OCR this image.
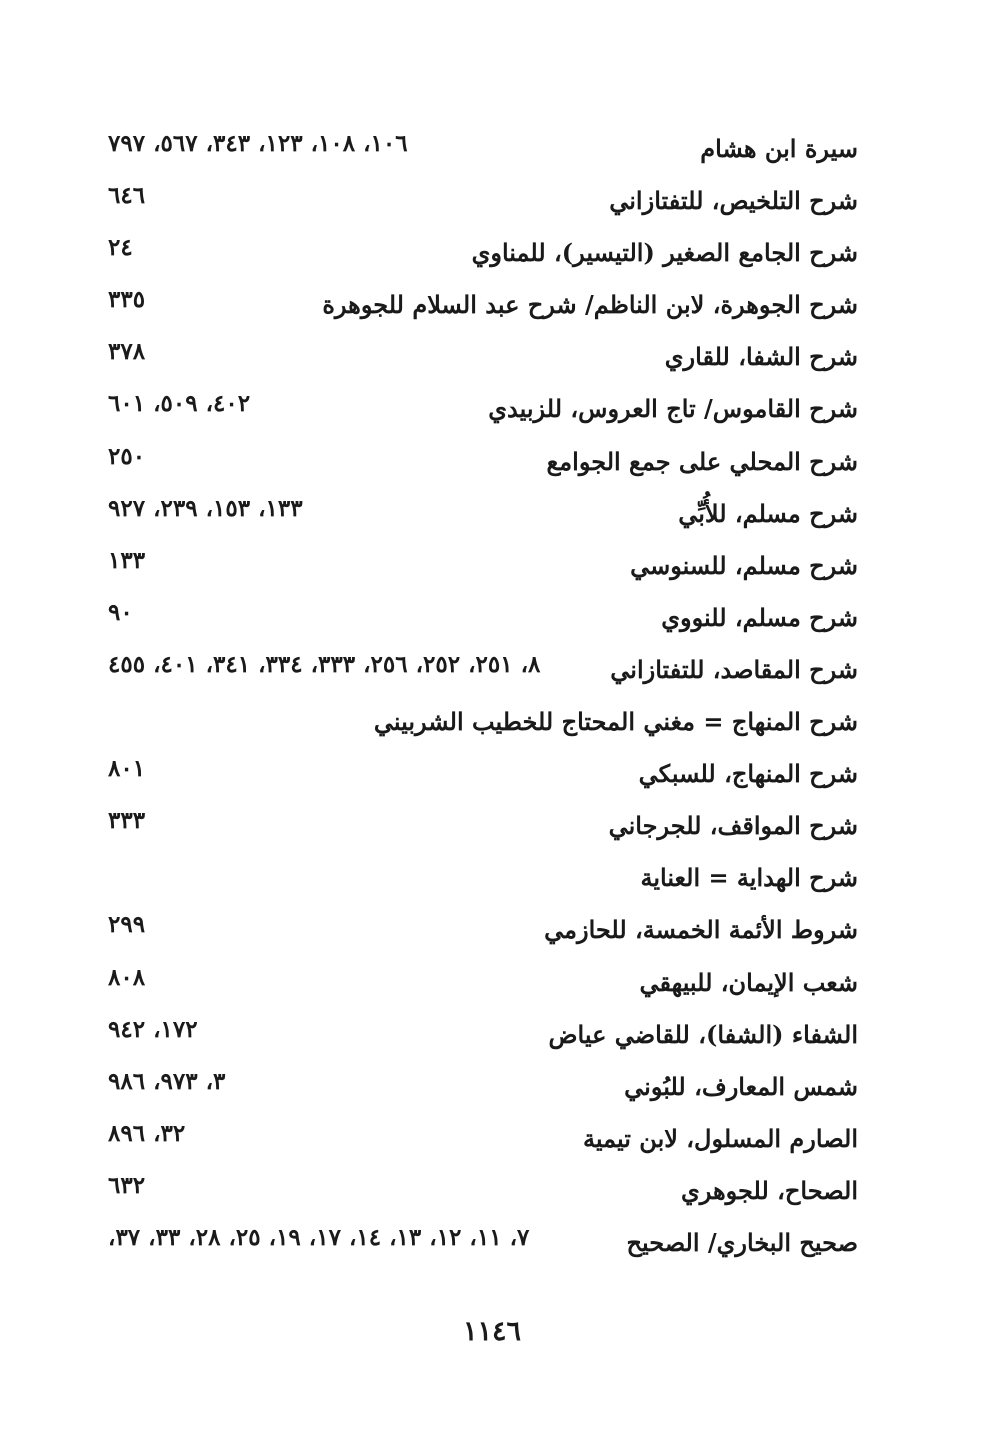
سيرة ابن هشام
١٠٦، ١٠٨، ١٢٣، ٣٤٣، ٥٦٧، ٧٩٧
شرح التلخيص، للتفتازاني
٦٤٦
شرح الجامع الصغير (التيسير)، للمناوي
٢٤
شرح الجوهرة، لابن الناظم/ شرح عبد السلام للجوهرة
٣٣٥
شرح الشفا، للقاري
٣٧٨
شرح القاموس/ تاج العروس، للزبيدي
٤٠٢، ٥٠٩، ٦٠١
شرح المحلي على جمع الجوامع
٢٥٠
شرح مسلم، للأُبِّي
١٣٣، ١٥٣، ٢٣٩، ٩٢٧
شرح مسلم، للسنوسي
١٣٣
شرح مسلم، للنووي
٩٠
شرح المقاصد، للتفتازاني
٨، ٢٥١، ٢٥٢، ٢٥٦، ٣٣٣، ٣٣٤، ٣٤١، ٤٠١، ٤٥٥
شرح المنهاج = مغني المحتاج للخطيب الشربيني
شرح المنهاج، للسبكي
٨٠١
شرح المواقف، للجرجاني
٣٣٣
شرح الهداية = العناية
شروط الأئمة الخمسة، للحازمي
٢٩٩
شعب الإيمان، للبيهقي
٨٠٨
الشفاء (الشفا)، للقاضي عياض
١٧٢، ٩٤٢
شمس المعارف، للبُوني
٣، ٩٧٣، ٩٨٦
الصارم المسلول، لابن تيمية
٣٢، ٨٩٦
الصحاح، للجوهري
٦٣٢
صحيح البخاري/ الصحيح
٧، ١١، ١٢، ١٣، ١٤، ١٧، ١٩، ٢٥، ٢٨، ٣٣، ٣٧،
١١٤٦
